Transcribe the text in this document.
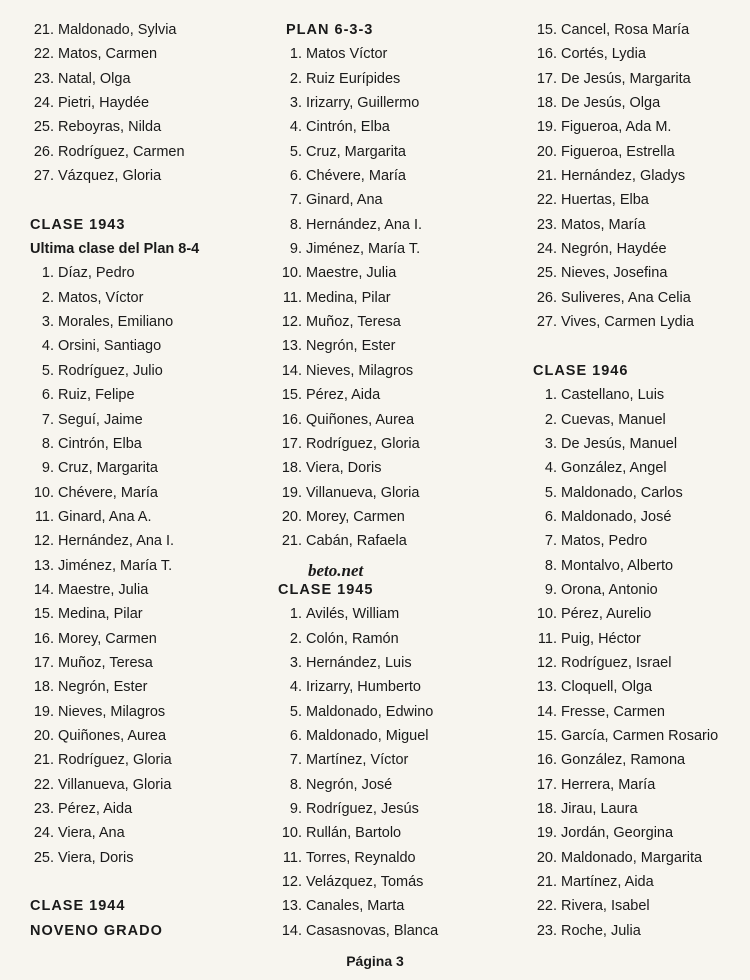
21. Maldonado, Sylvia
22. Matos, Carmen
23. Natal, Olga
24. Pietri, Haydée
25. Reboyras, Nilda
26. Rodríguez, Carmen
27. Vázquez, Gloria
CLASE 1943
Ultima clase del Plan 8-4
1. Díaz, Pedro
2. Matos, Víctor
3. Morales, Emiliano
4. Orsini, Santiago
5. Rodríguez, Julio
6. Ruiz, Felipe
7. Seguí, Jaime
8. Cintrón, Elba
9. Cruz, Margarita
10. Chévere, María
11. Ginard, Ana A.
12. Hernández, Ana I.
13. Jiménez, María T.
14. Maestre, Julia
15. Medina, Pilar
16. Morey, Carmen
17. Muñoz, Teresa
18. Negrón, Ester
19. Nieves, Milagros
20. Quiñones, Aurea
21. Rodríguez, Gloria
22. Villanueva, Gloria
23. Pérez, Aida
24. Viera, Ana
25. Viera, Doris
CLASE 1944
NOVENO GRADO
PLAN 6-3-3
1. Matos Víctor
2. Ruiz Eurípides
3. Irizarry, Guillermo
4. Cintrón, Elba
5. Cruz, Margarita
6. Chévere, María
7. Ginard, Ana
8. Hernández, Ana I.
9. Jiménez, María T.
10. Maestre, Julia
11. Medina, Pilar
12. Muñoz, Teresa
13. Negrón, Ester
14. Nieves, Milagros
15. Pérez, Aida
16. Quiñones, Aurea
17. Rodríguez, Gloria
18. Viera, Doris
19. Villanueva, Gloria
20. Morey, Carmen
21. Cabán, Rafaela
CLASE 1945
1. Avilés, William
2. Colón, Ramón
3. Hernández, Luis
4. Irizarry, Humberto
5. Maldonado, Edwino
6. Maldonado, Miguel
7. Martínez, Víctor
8. Negrón, José
9. Rodríguez, Jesús
10. Rullán, Bartolo
11. Torres, Reynaldo
12. Velázquez, Tomás
13. Canales, Marta
14. Casasnovas, Blanca
15. Cancel, Rosa María
16. Cortés, Lydia
17. De Jesús, Margarita
18. De Jesús, Olga
19. Figueroa, Ada M.
20. Figueroa, Estrella
21. Hernández, Gladys
22. Huertas, Elba
23. Matos, María
24. Negrón, Haydée
25. Nieves, Josefina
26. Suliveres, Ana Celia
27. Vives, Carmen Lydia
CLASE 1946
1. Castellano, Luis
2. Cuevas, Manuel
3. De Jesús, Manuel
4. González, Angel
5. Maldonado, Carlos
6. Maldonado, José
7. Matos, Pedro
8. Montalvo, Alberto
9. Orona, Antonio
10. Pérez, Aurelio
11. Puig, Héctor
12. Rodríguez, Israel
13. Cloquell, Olga
14. Fresse, Carmen
15. García, Carmen Rosario
16. González, Ramona
17. Herrera, María
18. Jirau, Laura
19. Jordán, Georgina
20. Maldonado, Margarita
21. Martínez, Aida
22. Rivera, Isabel
23. Roche, Julia
beto.net
Página 3
